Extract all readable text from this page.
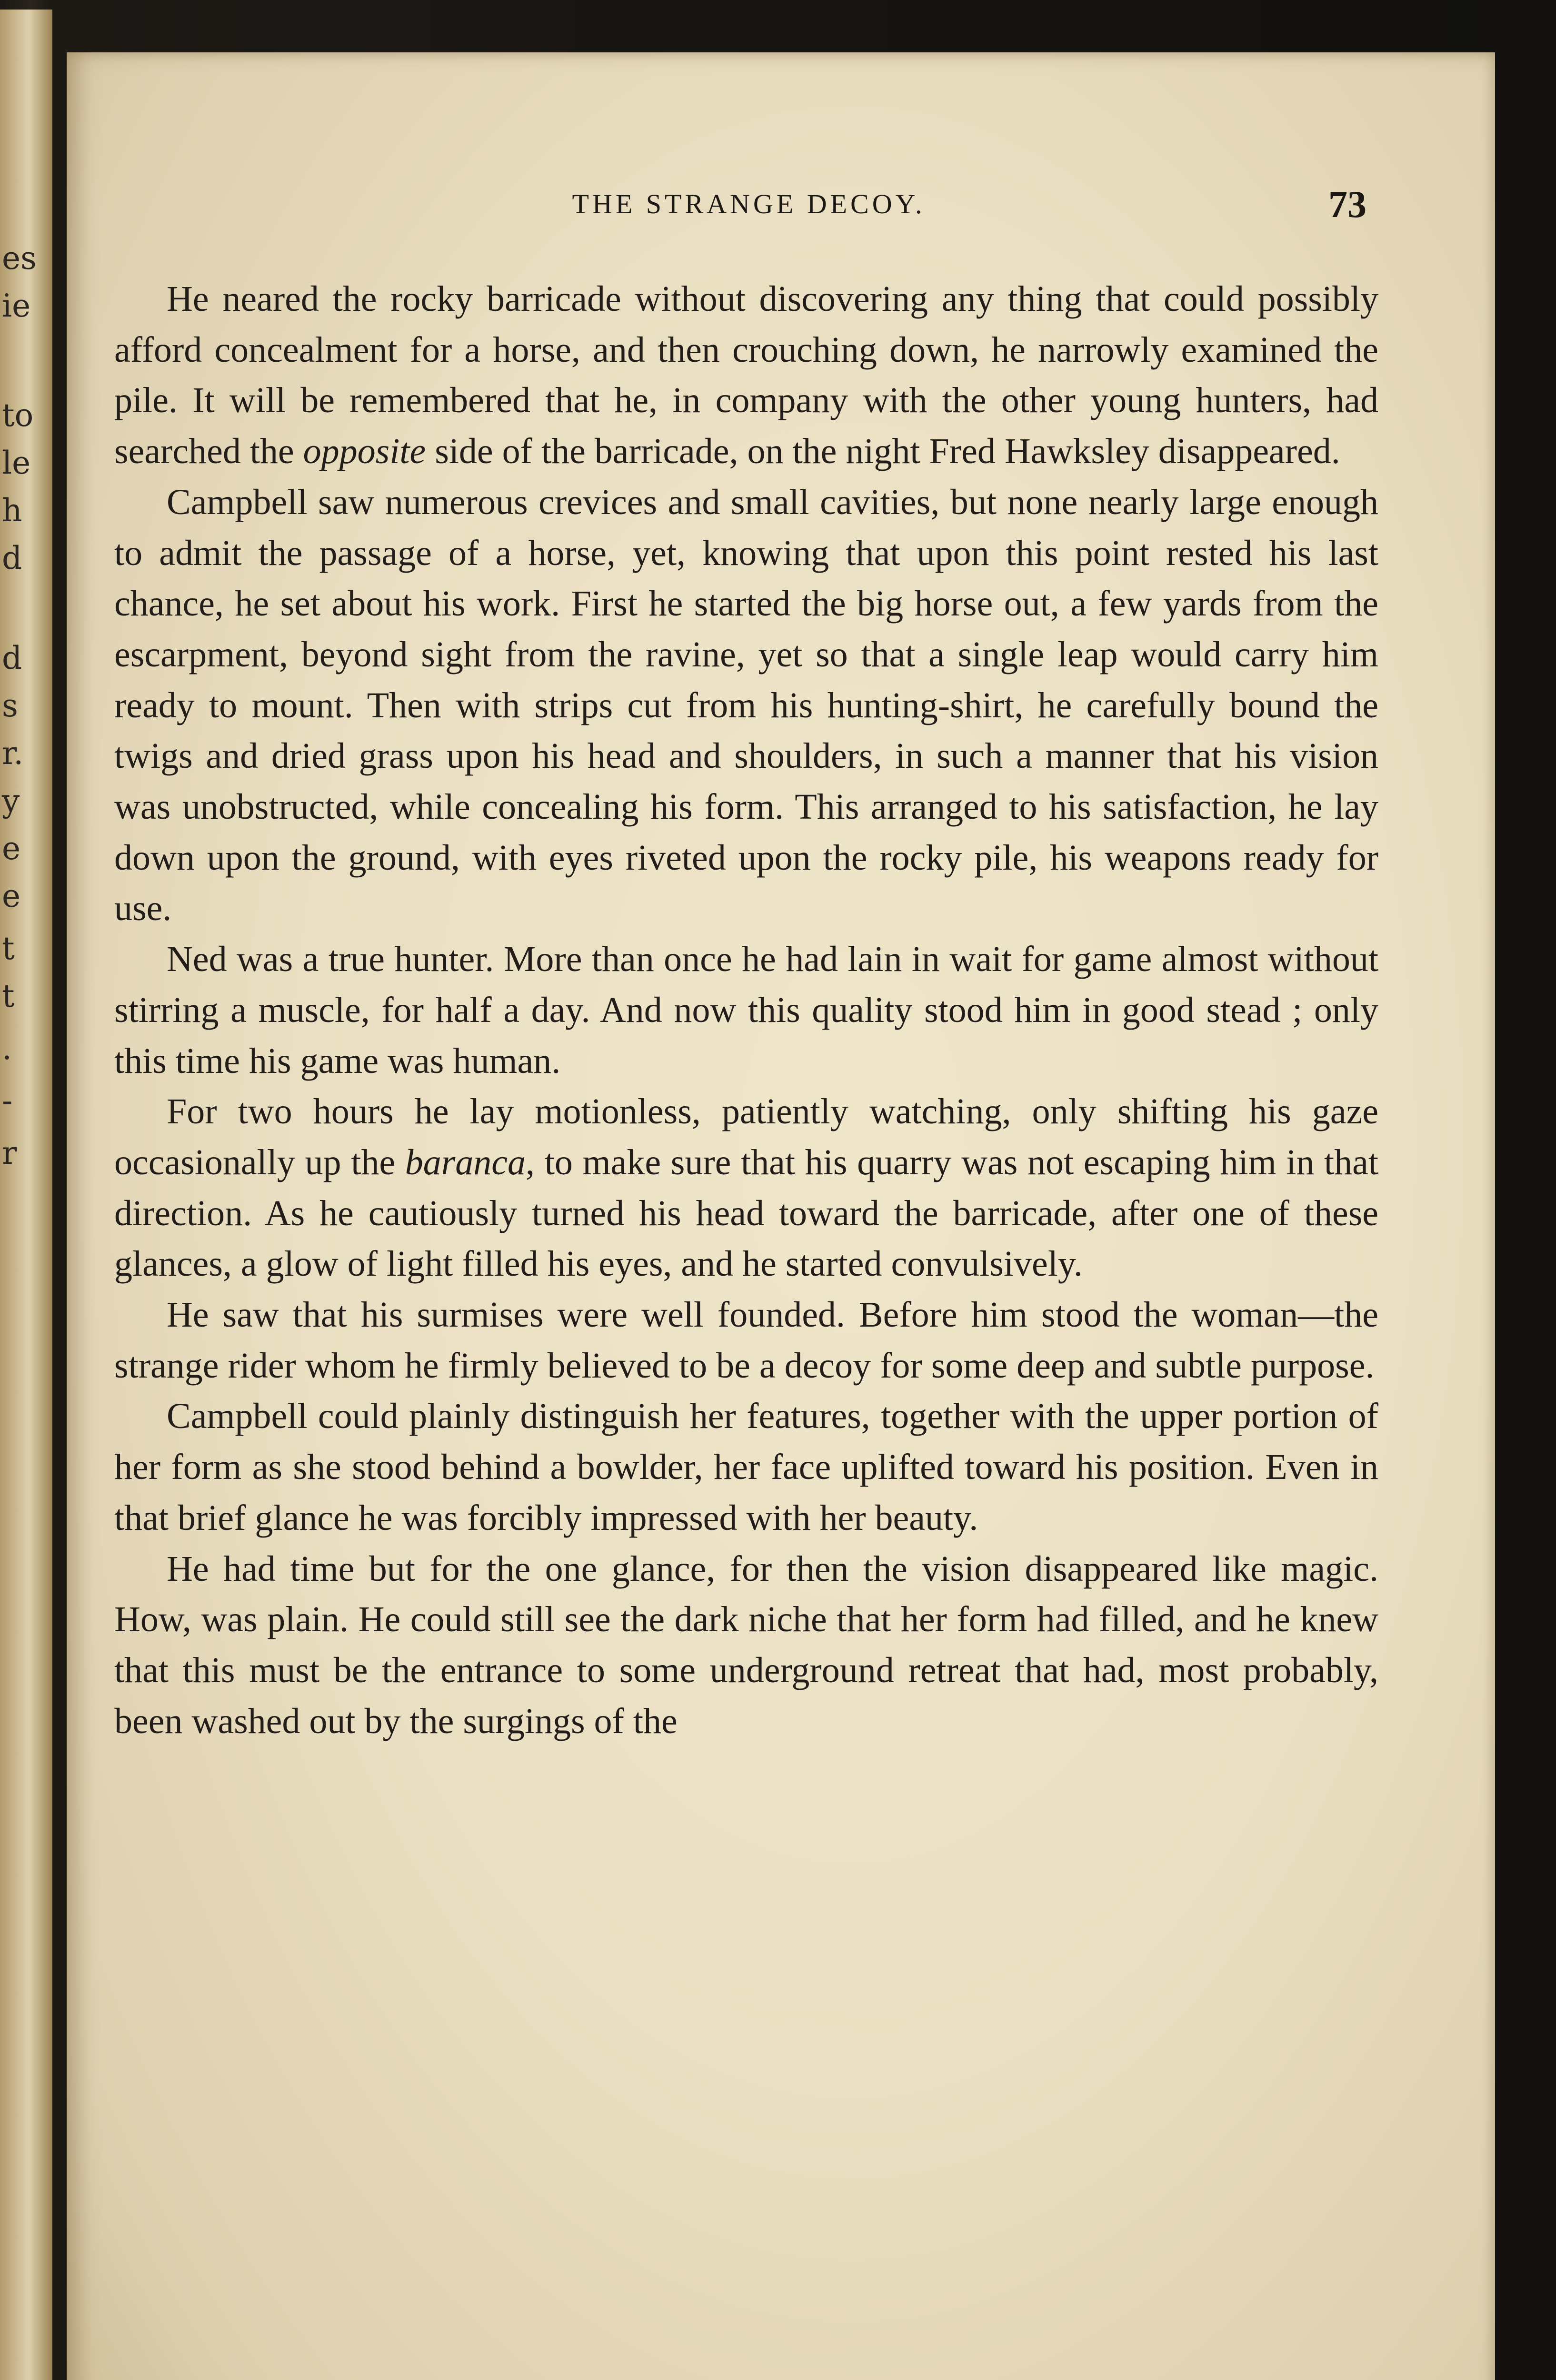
es
ie
to
le
h
d
d
s
r.
y
e
e
t
t
.
-
r
THE STRANGE DECOY.	73

He neared the rocky barricade without discovering any thing that could possibly afford concealment for a horse, and then crouching down, he narrowly examined the pile. It will be remembered that he, in company with the other young hunters, had searched the opposite side of the barricade, on the night Fred Hawksley disappeared.

Campbell saw numerous crevices and small cavities, but none nearly large enough to admit the passage of a horse, yet, knowing that upon this point rested his last chance, he set about his work. First he started the big horse out, a few yards from the escarpment, beyond sight from the ravine, yet so that a single leap would carry him ready to mount. Then with strips cut from his hunting-shirt, he carefully bound the twigs and dried grass upon his head and shoulders, in such a manner that his vision was unobstructed, while concealing his form. This arranged to his satisfaction, he lay down upon the ground, with eyes riveted upon the rocky pile, his weapons ready for use.

Ned was a true hunter. More than once he had lain in wait for game almost without stirring a muscle, for half a day. And now this quality stood him in good stead ; only this time his game was human.

For two hours he lay motionless, patiently watching, only shifting his gaze occasionally up the baranca, to make sure that his quarry was not escaping him in that direction. As he cautiously turned his head toward the barricade, after one of these glances, a glow of light filled his eyes, and he started convulsively.

He saw that his surmises were well founded. Before him stood the woman—the strange rider whom he firmly believed to be a decoy for some deep and subtle purpose.

Campbell could plainly distinguish her features, together with the upper portion of her form as she stood behind a bowlder, her face uplifted toward his position. Even in that brief glance he was forcibly impressed with her beauty.

He had time but for the one glance, for then the vision disappeared like magic. How, was plain. He could still see the dark niche that her form had filled, and he knew that this must be the entrance to some underground retreat that had, most probably, been washed out by the surgings of the
